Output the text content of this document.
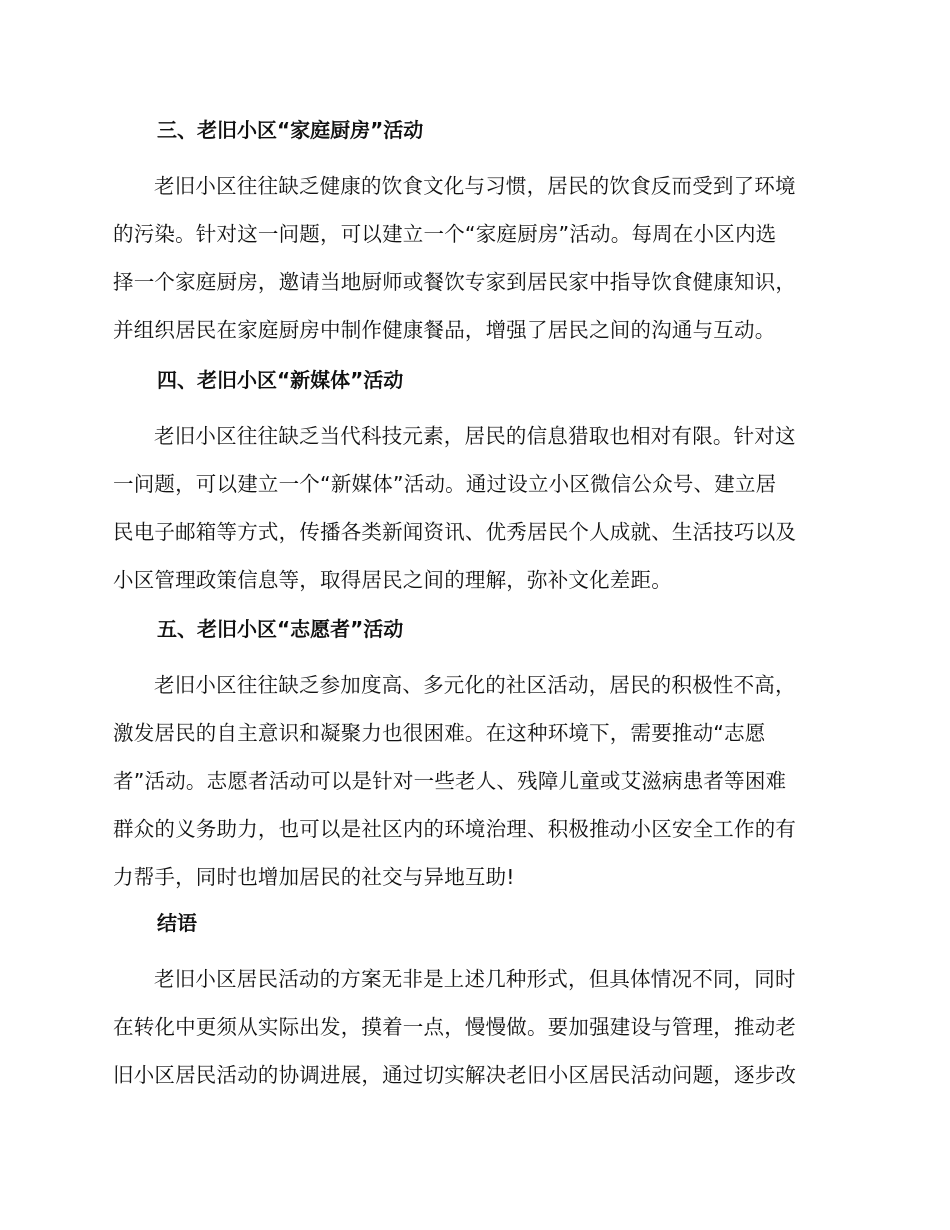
三、老旧小区“家庭厨房”活动

老旧小区往往缺乏健康的饮食文化与习惯，居民的饮食反而受到了环境
的污染。针对这一问题，可以建立一个“家庭厨房”活动。每周在小区内选
择一个家庭厨房，邀请当地厨师或餐饮专家到居民家中指导饮食健康知识，
并组织居民在家庭厨房中制作健康餐品，增强了居民之间的沟通与互动。

四、老旧小区“新媒体”活动

老旧小区往往缺乏当代科技元素，居民的信息猎取也相对有限。针对这
一问题，可以建立一个“新媒体”活动。通过设立小区微信公众号、建立居
民电子邮箱等方式，传播各类新闻资讯、优秀居民个人成就、生活技巧以及
小区管理政策信息等，取得居民之间的理解，弥补文化差距。

五、老旧小区“志愿者”活动

老旧小区往往缺乏参加度高、多元化的社区活动，居民的积极性不高，
激发居民的自主意识和凝聚力也很困难。在这种环境下，需要推动“志愿
者”活动。志愿者活动可以是针对一些老人、残障儿童或艾滋病患者等困难
群众的义务助力，也可以是社区内的环境治理、积极推动小区安全工作的有
力帮手，同时也增加居民的社交与异地互助!

结语

老旧小区居民活动的方案无非是上述几种形式，但具体情况不同，同时
在转化中更须从实际出发，摸着一点，慢慢做。要加强建设与管理，推动老
旧小区居民活动的协调进展，通过切实解决老旧小区居民活动问题，逐步改
